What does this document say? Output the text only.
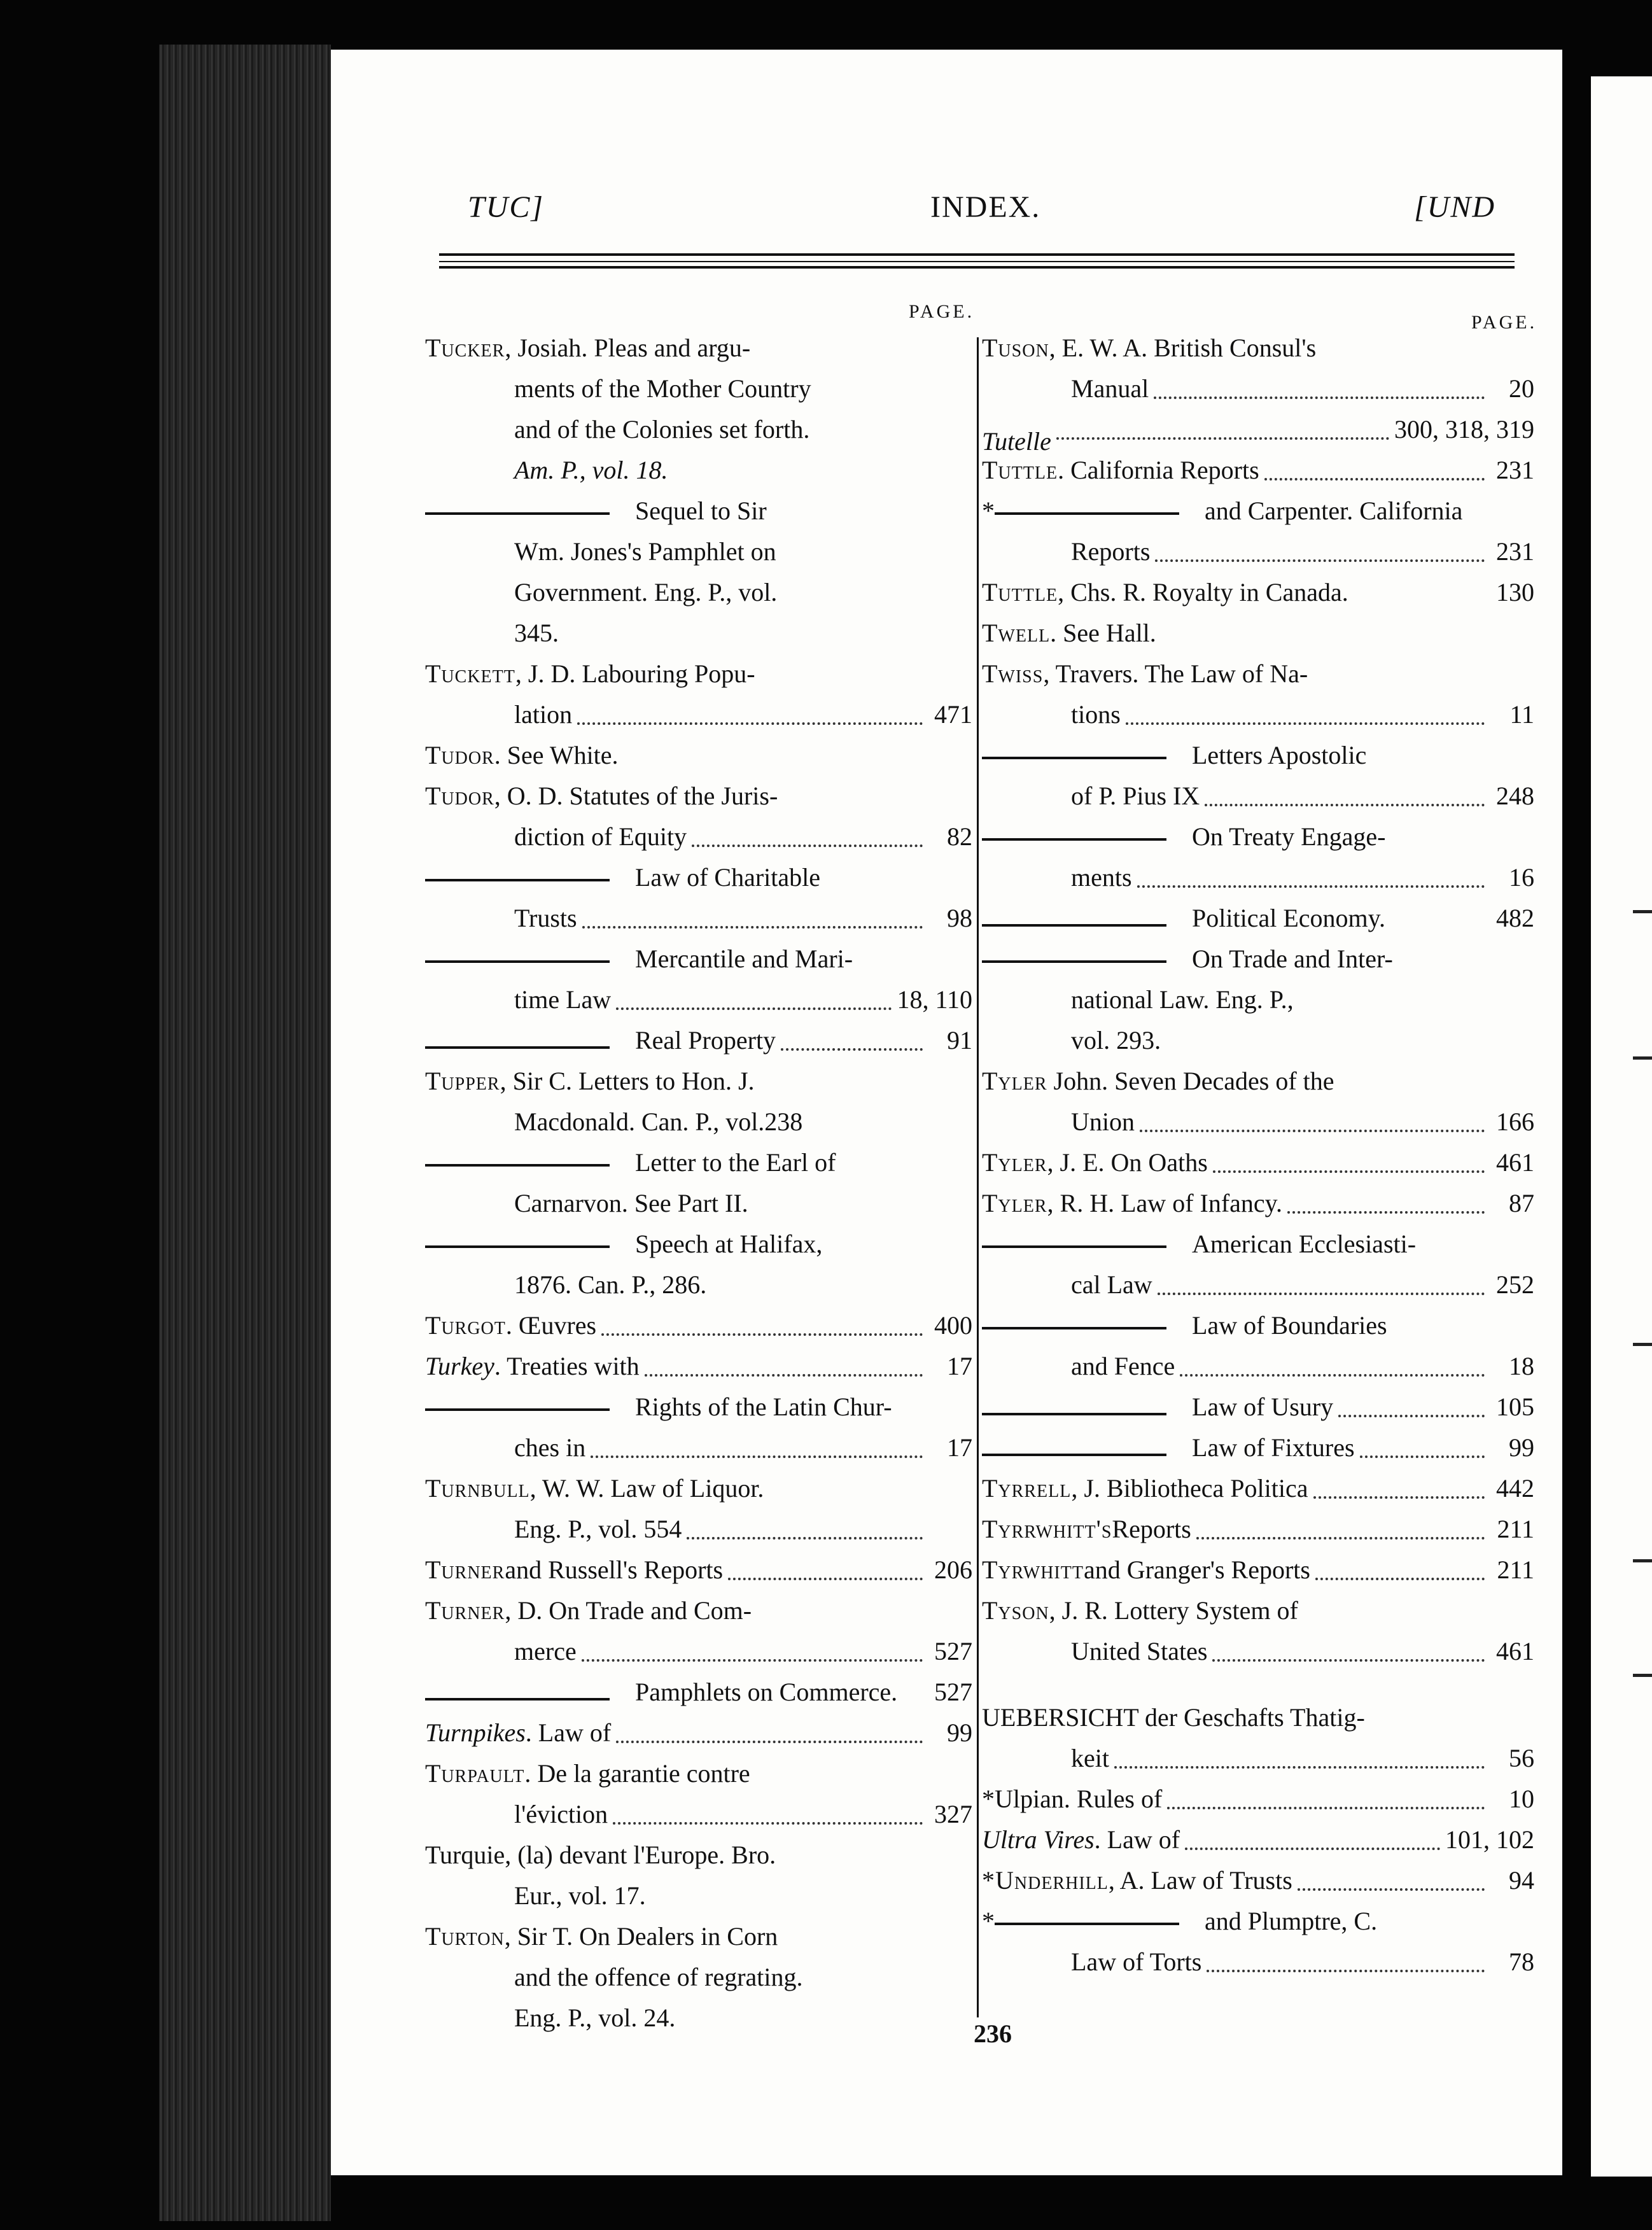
TUC]	INDEX.	[UND
PAGE.
PAGE.
Tucker, Josiah. Pleas and argu-
ments of the Mother Country
and of the Colonies set forth.
Am. P., vol. 18.
Sequel to Sir
Wm. Jones's Pamphlet on
Government. Eng. P., vol.
345.
Tuckett, J. D. Labouring Popu-
lation	471
Tudor. See White.
Tudor, O. D. Statutes of the Juris-
diction of Equity	82
Law of Charitable
Trusts	98
Mercantile and Mari-
time Law	18, 110
Real Property	91
Tupper, Sir C. Letters to Hon. J.
Macdonald. Can. P., vol.238
Letter to the Earl of
Carnarvon. See Part II.
Speech at Halifax,
1876. Can. P., 286.
Turgot . Œuvres	400
Turkey . Treaties with	17
Rights of the Latin Chur-
ches in	17
Turnbull, W. W. Law of Liquor.
Eng. P., vol. 554
Turner and Russell's Reports	206
Turner, D. On Trade and Com-
merce	527
Pamphlets on Commerce. 527
Turnpikes . Law of	99
Turpault. De la garantie contre
l'éviction	327
Turquie, (la) devant l'Europe. Bro.
Eur., vol. 17.
Turton, Sir T. On Dealers in Corn
and the offence of regrating.
Eng. P., vol. 24.
Tuson, E. W. A. British Consul's
Manual	20
Tutelle	300, 318, 319
Tuttle . California Reports	231
*	and Carpenter. California
Reports	231
Tuttle , Chs. R. Royalty in Canada.	130
Twell. See Hall.
Twiss, Travers. The Law of Na-
tions	11
Letters Apostolic
of P. Pius IX	248
On Treaty Engage-
ments	16
Political Economy.	482
On Trade and Inter-
national Law. Eng. P.,
vol. 293.
Tyler John. Seven Decades of the
Union	166
Tyler , J. E. On Oaths	461
Tyler , R. H. Law of Infancy.	87
American Ecclesiasti-
cal Law	252
Law of Boundaries
and Fence	18
Law of Usury	105
Law of Fixtures	99
Tyrrell , J. Bibliotheca Politica	442
Tyrrwhitt's Reports	211
Tyrwhitt and Granger's Reports	211
Tyson, J. R. Lottery System of
United States	461
UEBERSICHT der Geschafts Thatig-
keit	56
*Ulpian. Rules of	10
Ultra Vires . Law of	101, 102
*Underhill , A. Law of Trusts	94
*	and Plumptre, C.
Law of Torts	78
236
